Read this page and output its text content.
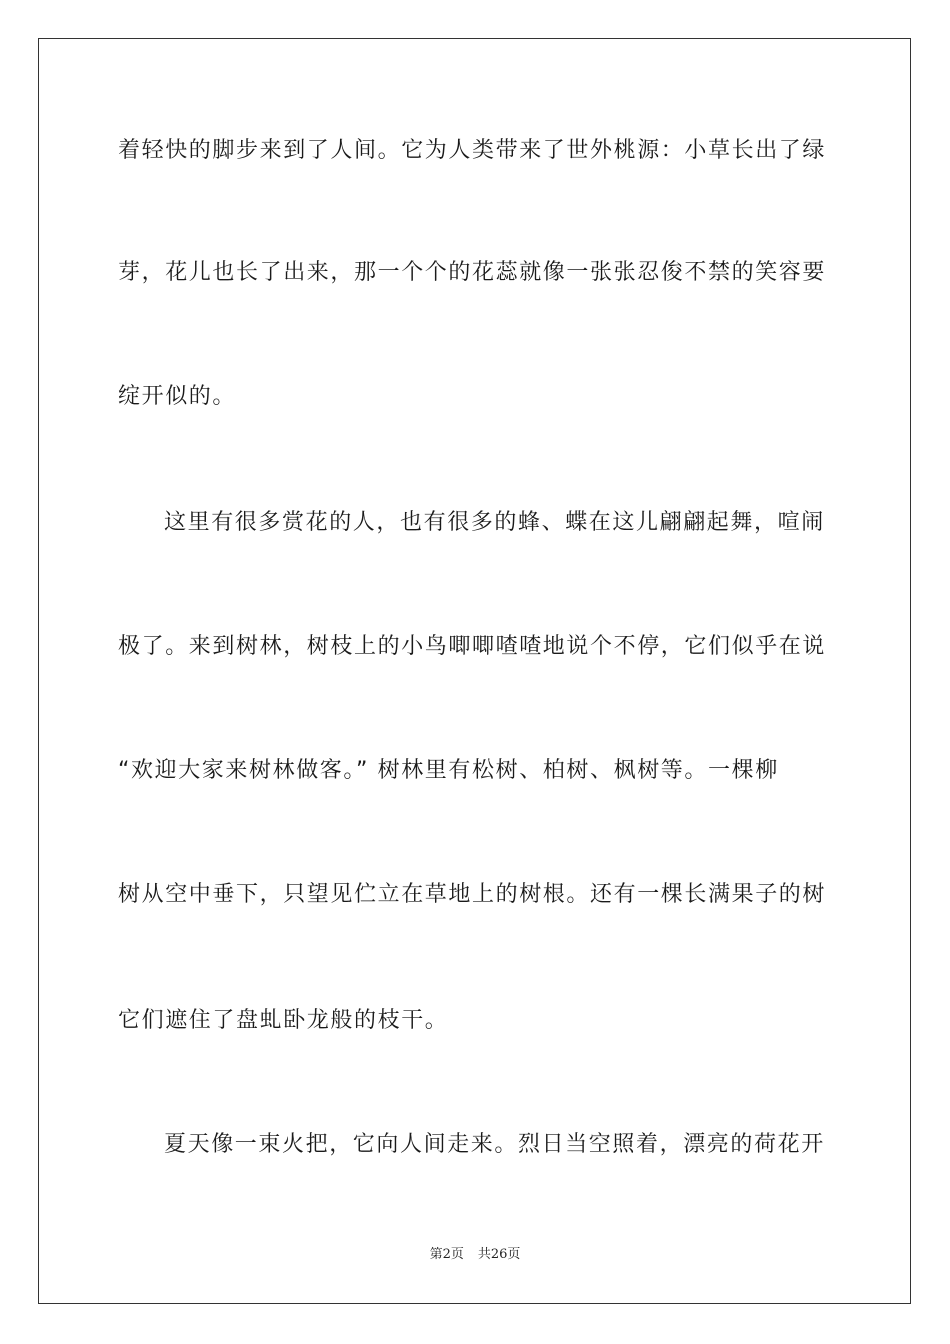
着轻快的脚步来到了人间。它为人类带来了世外桃源：小草长出了绿
芽，花儿也长了出来，那一个个的花蕊就像一张张忍俊不禁的笑容要
绽开似的。
这里有很多赏花的人，也有很多的蜂、蝶在这儿翩翩起舞，喧闹
极了。来到树林，树枝上的小鸟唧唧喳喳地说个不停，它们似乎在说
“欢迎大家来树林做客。” 树林里有松树、柏树、枫树等。一棵柳
树从空中垂下，只望见伫立在草地上的树根。还有一棵长满果子的树
它们遮住了盘虬卧龙般的枝干。
夏天像一束火把，它向人间走来。烈日当空照着，漂亮的荷花开
第2页 共26页
